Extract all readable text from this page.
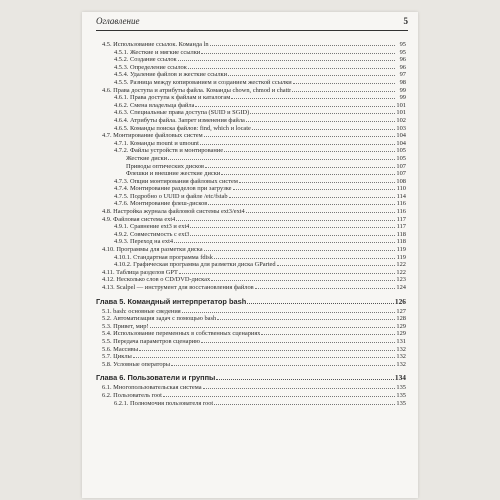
Оглавление	5
4.5. Использование ссылок. Команда ln	95
4.5.1. Жесткие и мягкие ссылки	95
4.5.2. Создание ссылок	96
4.5.3. Определение ссылок	96
4.5.4. Удаление файлов и жесткие ссылки	97
4.5.5. Разница между копированием и созданием жесткой ссылки	98
4.6. Права доступа и атрибуты файла. Команды chown, chmod и chattr	99
4.6.1. Права доступа к файлам и каталогам	99
4.6.2. Смена владельца файла	101
4.6.3. Специальные права доступа (SUID и SGID)	101
4.6.4. Атрибуты файла. Запрет изменения файла	102
4.6.5. Команды поиска файлов: find, which и locate	103
4.7. Монтирование файловых систем	104
4.7.1. Команды mount и umount	104
4.7.2. Файлы устройств и монтирование	105
Жесткие диски	105
Приводы оптических дисков	107
Флешки и внешние жесткие диски	107
4.7.3. Опции монтирования файловых систем	108
4.7.4. Монтирование разделов при загрузке	110
4.7.5. Подробно о UUID и файле /etc/fstab	114
4.7.6. Монтирование флеш-дисков	116
4.8. Настройка журнала файловой системы ext3/ext4	116
4.9. Файловая система ext4	117
4.9.1. Сравнение ext3 и ext4	117
4.9.2. Совместимость с ext3	118
4.9.3. Переход на ext4	118
4.10. Программы для разметки диска	119
4.10.1. Стандартная программа fdisk	119
4.10.2. Графическая программа для разметки диска GParted	122
4.11. Таблица разделов GPT	122
4.12. Несколько слов о CD/DVD-дисках	123
4.13. Scalpel — инструмент для восстановления файлов	124
Глава 5. Командный интерпретатор bash	126
5.1. bash: основные сведения	127
5.2. Автоматизация задач с помощью bash	128
5.3. Привет, мир!	129
5.4. Использование переменных в собственных сценариях	129
5.5. Передача параметров сценарию	131
5.6. Массивы	132
5.7. Циклы	132
5.8. Условные операторы	132
Глава 6. Пользователи и группы	134
6.1. Многопользовательская система	135
6.2. Пользователь root	135
6.2.1. Полномочия пользователя root	135
